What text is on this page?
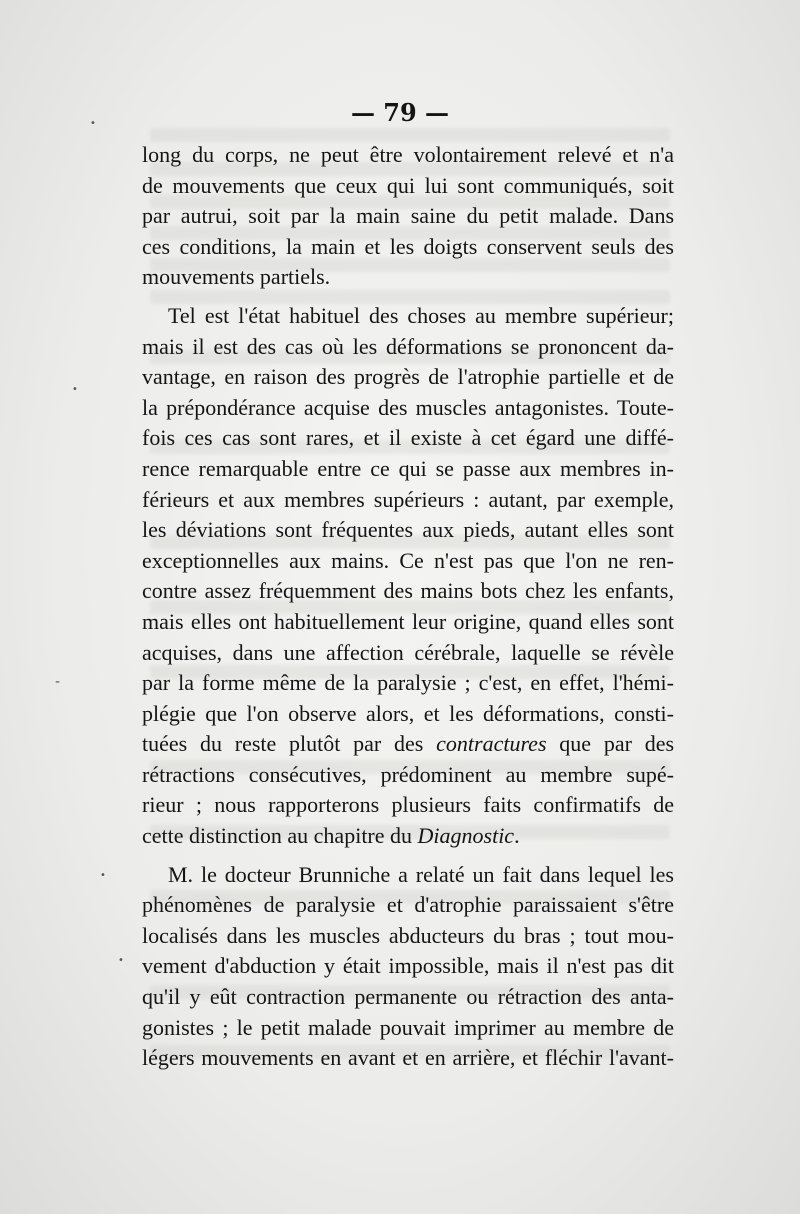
— 79 —
long du corps, ne peut être volontairement relevé et n'a
de mouvements que ceux qui lui sont communiqués, soit
par autrui, soit par la main saine du petit malade. Dans
ces conditions, la main et les doigts conservent seuls des
mouvements partiels.
Tel est l'état habituel des choses au membre supérieur;
mais il est des cas où les déformations se prononcent da-
vantage, en raison des progrès de l'atrophie partielle et de
la prépondérance acquise des muscles antagonistes. Toute-
fois ces cas sont rares, et il existe à cet égard une diffé-
rence remarquable entre ce qui se passe aux membres in-
férieurs et aux membres supérieurs : autant, par exemple,
les déviations sont fréquentes aux pieds, autant elles sont
exceptionnelles aux mains. Ce n'est pas que l'on ne ren-
contre assez fréquemment des mains bots chez les enfants,
mais elles ont habituellement leur origine, quand elles sont
acquises, dans une affection cérébrale, laquelle se révèle
par la forme même de la paralysie ; c'est, en effet, l'hémi-
plégie que l'on observe alors, et les déformations, consti-
tuées du reste plutôt par des contractures que par des
rétractions consécutives, prédominent au membre supé-
rieur ; nous rapporterons plusieurs faits confirmatifs de
cette distinction au chapitre du Diagnostic.
M. le docteur Brunniche a relaté un fait dans lequel les
phénomènes de paralysie et d'atrophie paraissaient s'être
localisés dans les muscles abducteurs du bras ; tout mou-
vement d'abduction y était impossible, mais il n'est pas dit
qu'il y eût contraction permanente ou rétraction des anta-
gonistes ; le petit malade pouvait imprimer au membre de
légers mouvements en avant et en arrière, et fléchir l'avant-
•
•
-
•
•
